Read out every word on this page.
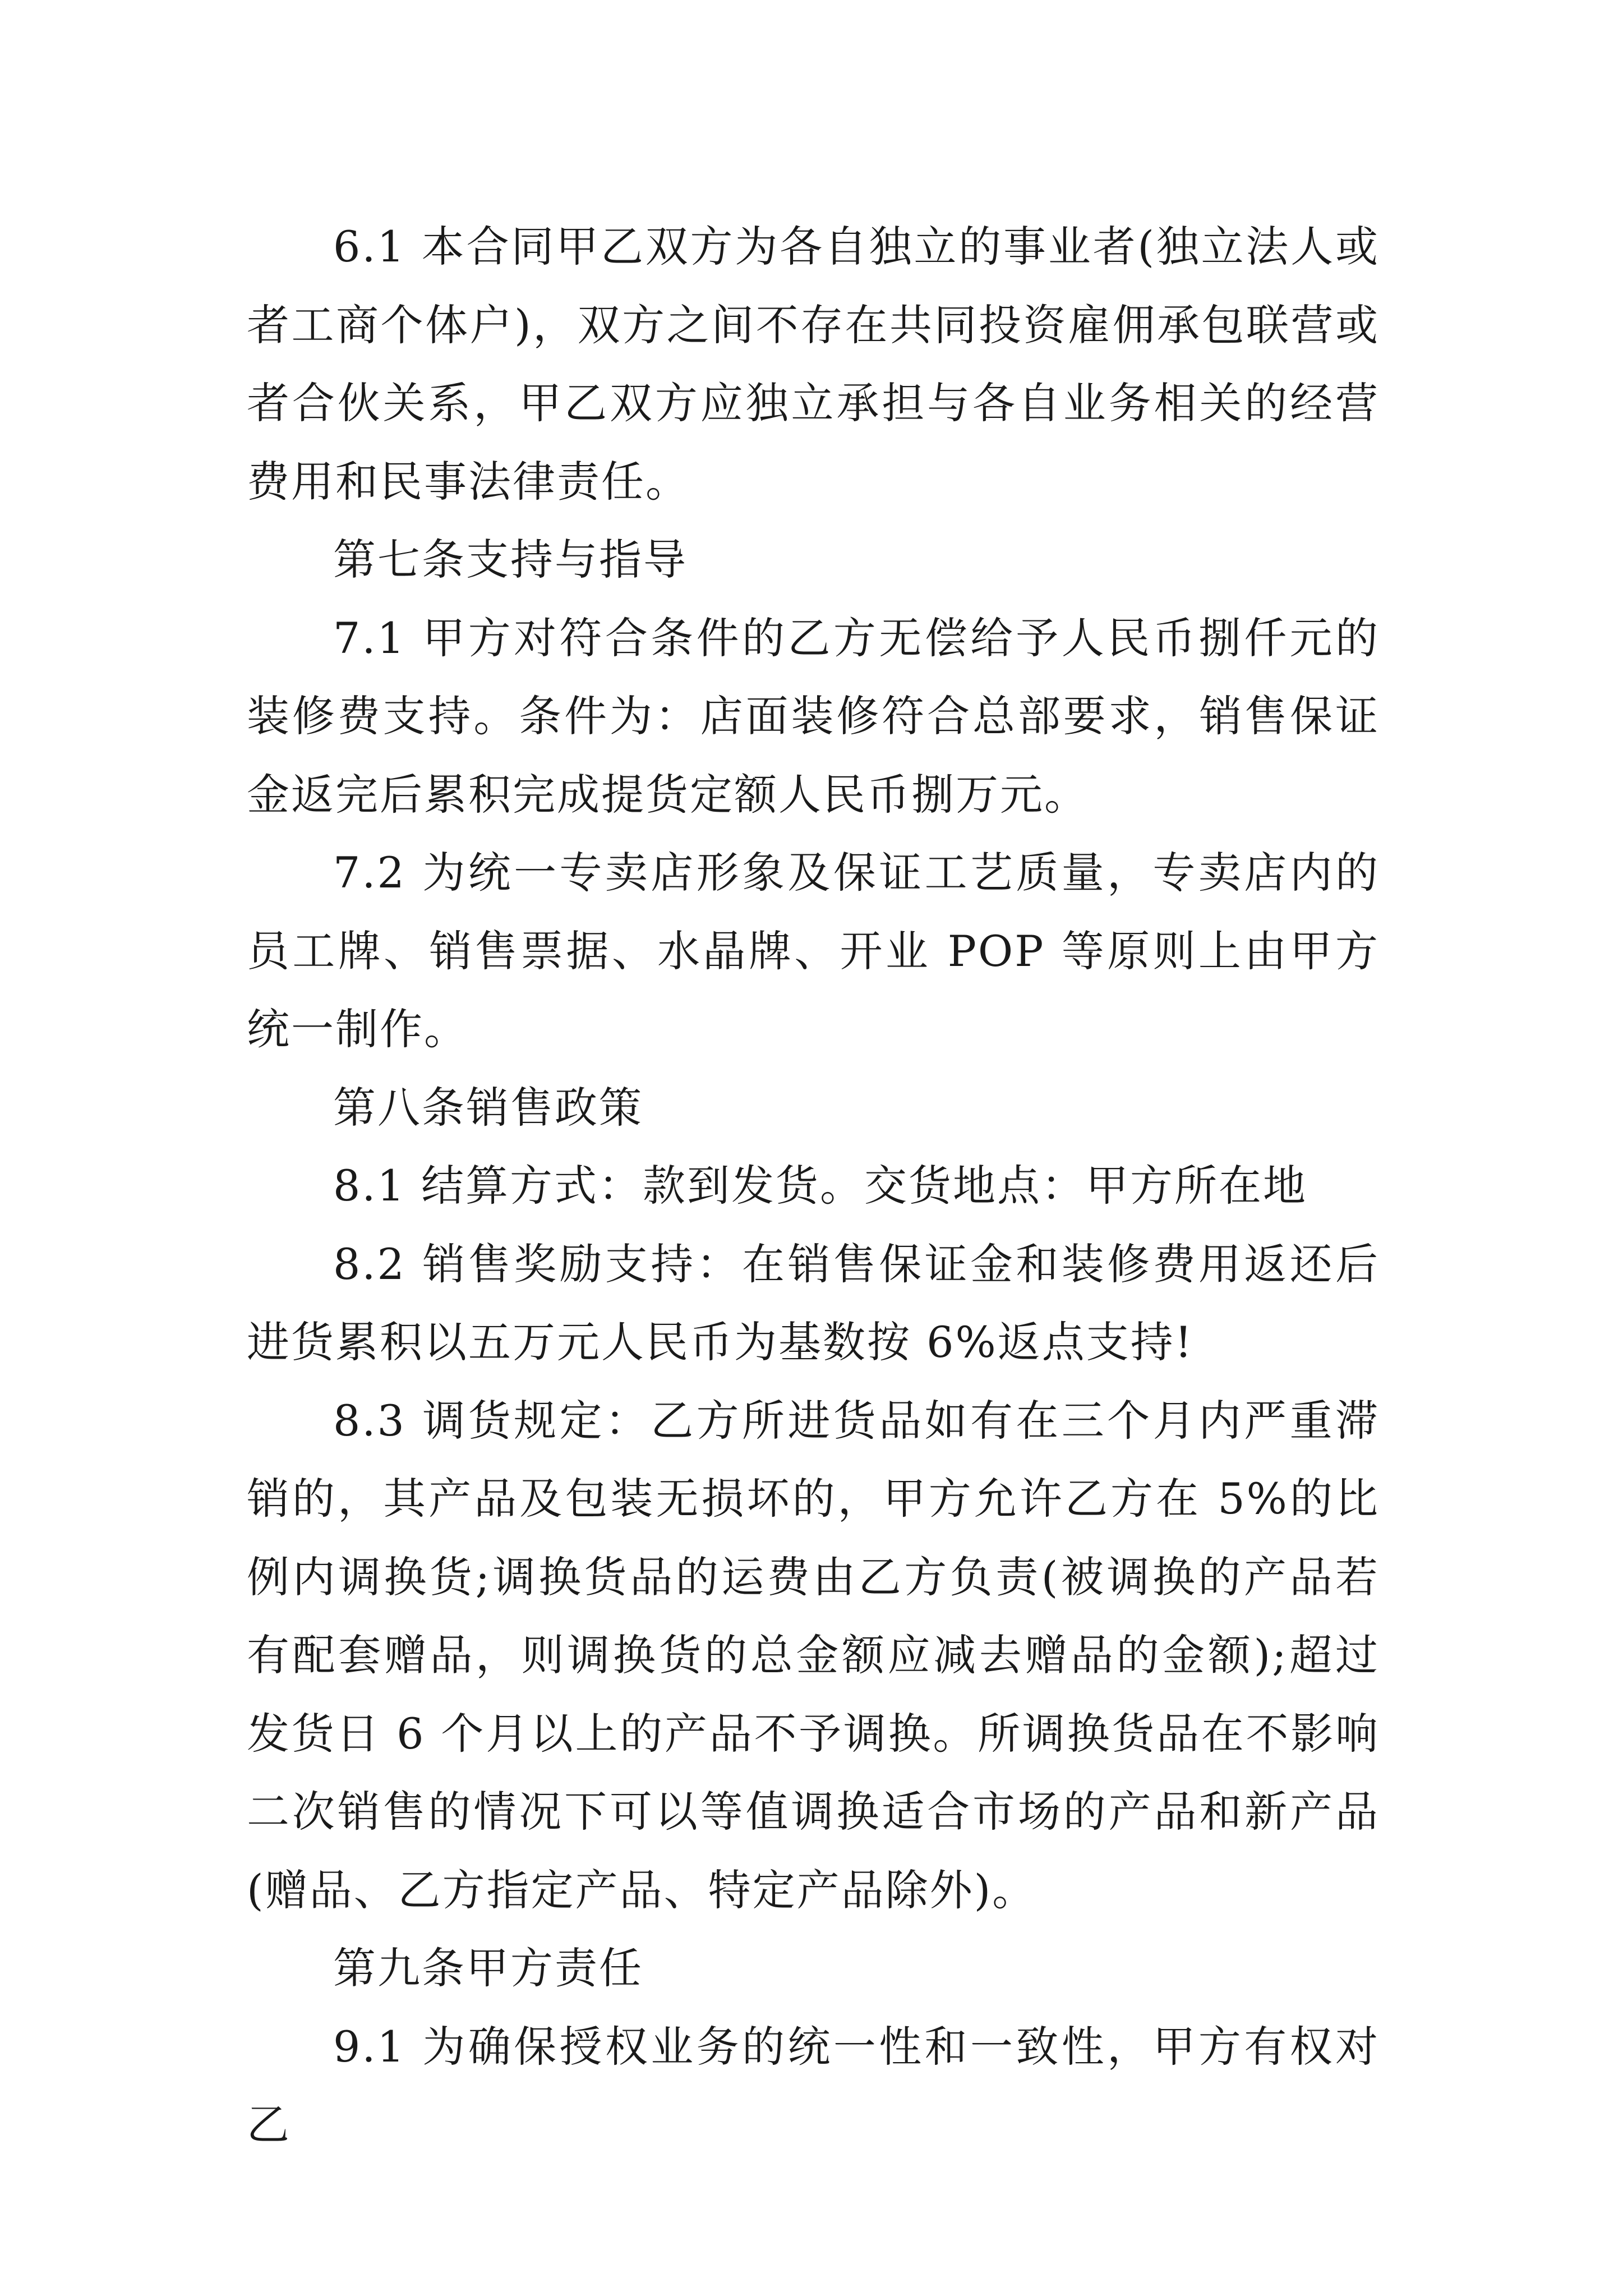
6.1 本合同甲乙双方为各自独立的事业者(独立法人或者工商个体户)，双方之间不存在共同投资雇佣承包联营或者合伙关系，甲乙双方应独立承担与各自业务相关的经营费用和民事法律责任。

第七条支持与指导

7.1 甲方对符合条件的乙方无偿给予人民币捌仟元的装修费支持。条件为：店面装修符合总部要求，销售保证金返完后累积完成提货定额人民币捌万元。

7.2 为统一专卖店形象及保证工艺质量，专卖店内的员工牌、销售票据、水晶牌、开业 POP 等原则上由甲方统一制作。

第八条销售政策

8.1 结算方式：款到发货。交货地点：甲方所在地

8.2 销售奖励支持：在销售保证金和装修费用返还后进货累积以五万元人民币为基数按 6%返点支持!

8.3 调货规定：乙方所进货品如有在三个月内严重滞销的，其产品及包装无损坏的，甲方允许乙方在 5%的比例内调换货;调换货品的运费由乙方负责(被调换的产品若有配套赠品，则调换货的总金额应减去赠品的金额);超过发货日 6 个月以上的产品不予调换。所调换货品在不影响二次销售的情况下可以等值调换适合市场的产品和新产品(赠品、乙方指定产品、特定产品除外)。

第九条甲方责任

9.1 为确保授权业务的统一性和一致性，甲方有权对乙
